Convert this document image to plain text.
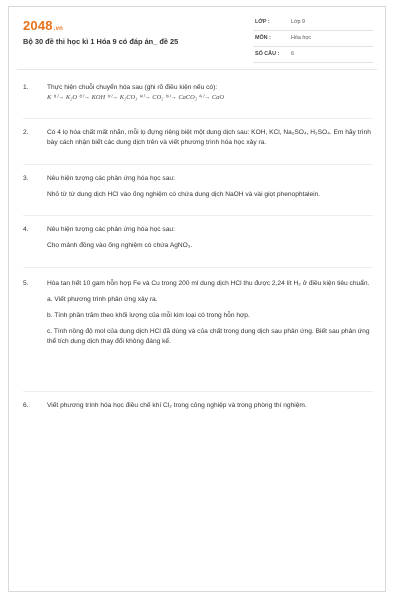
2048.vn
Bộ 30 đề thi học kì 1 Hóa 9 có đáp án_ đề 25
LỚP :	Lớp 9
MÔN :	Hóa học
SỐ CÂU : 6
1.	Thực hiện chuỗi chuyển hóa sau (ghi rõ điều kiện nếu có):
K ⁽¹⁾→ K₂O ⁽²⁾→ KOH ⁽³⁾→ K₂CO₃ ⁽⁴⁾→ CO₂ ⁽⁵⁾→ CaCO₃ ⁽⁶⁾→ CaO
2.	Có 4 lọ hóa chất mất nhãn, mỗi lọ đựng riêng biệt một dung dịch sau: KOH, KCl, Na₂SO₄, H₂SO₄. Em hãy trình bày cách nhận biết các dung dịch trên và viết phương trình hóa học xảy ra.
3.	Nêu hiện tượng các phản ứng hóa học sau:
Nhỏ từ từ dung dịch HCl vào ống nghiệm có chứa dung dịch NaOH và vài giọt phenophtalein.
4.	Nêu hiện tượng các phản ứng hóa học sau:
Cho mảnh đồng vào ống nghiệm có chứa AgNO₃.
5.	Hòa tan hết 10 gam hỗn hợp Fe và Cu trong 200 ml dung dịch HCl thu được 2,24 lít H₂ ở điều kiện tiêu chuẩn.
a. Viết phương trình phản ứng xảy ra.
b. Tính phần trăm theo khối lượng của mỗi kim loại có trong hỗn hợp.
c. Tính nồng độ mol của dung dịch HCl đã dùng và của chất trong dung dịch sau phản ứng. Biết sau phản ứng thể tích dung dịch thay đổi không đáng kể.
6.	Viết phương trình hóa học điều chế khí Cl₂ trong công nghiệp và trong phòng thí nghiệm.
